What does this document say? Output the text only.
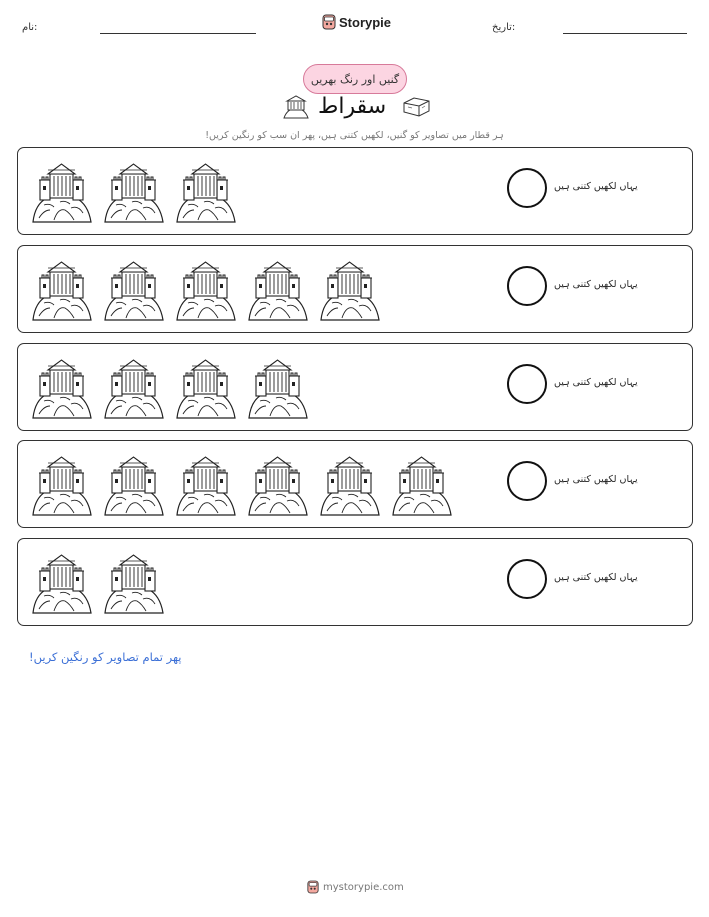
نام:	Storypie	تاریخ:
گنیں اور رنگ بھریں
سقراط
ہر قطار میں تصاویر کو گنیں، لکھیں کتنی ہیں، پھر ان سب کو رنگین کریں!
یہاں لکھیں کتنی ہیں
یہاں لکھیں کتنی ہیں
یہاں لکھیں کتنی ہیں
یہاں لکھیں کتنی ہیں
یہاں لکھیں کتنی ہیں
پھر تمام تصاویر کو رنگین کریں!
mystorypie.com
